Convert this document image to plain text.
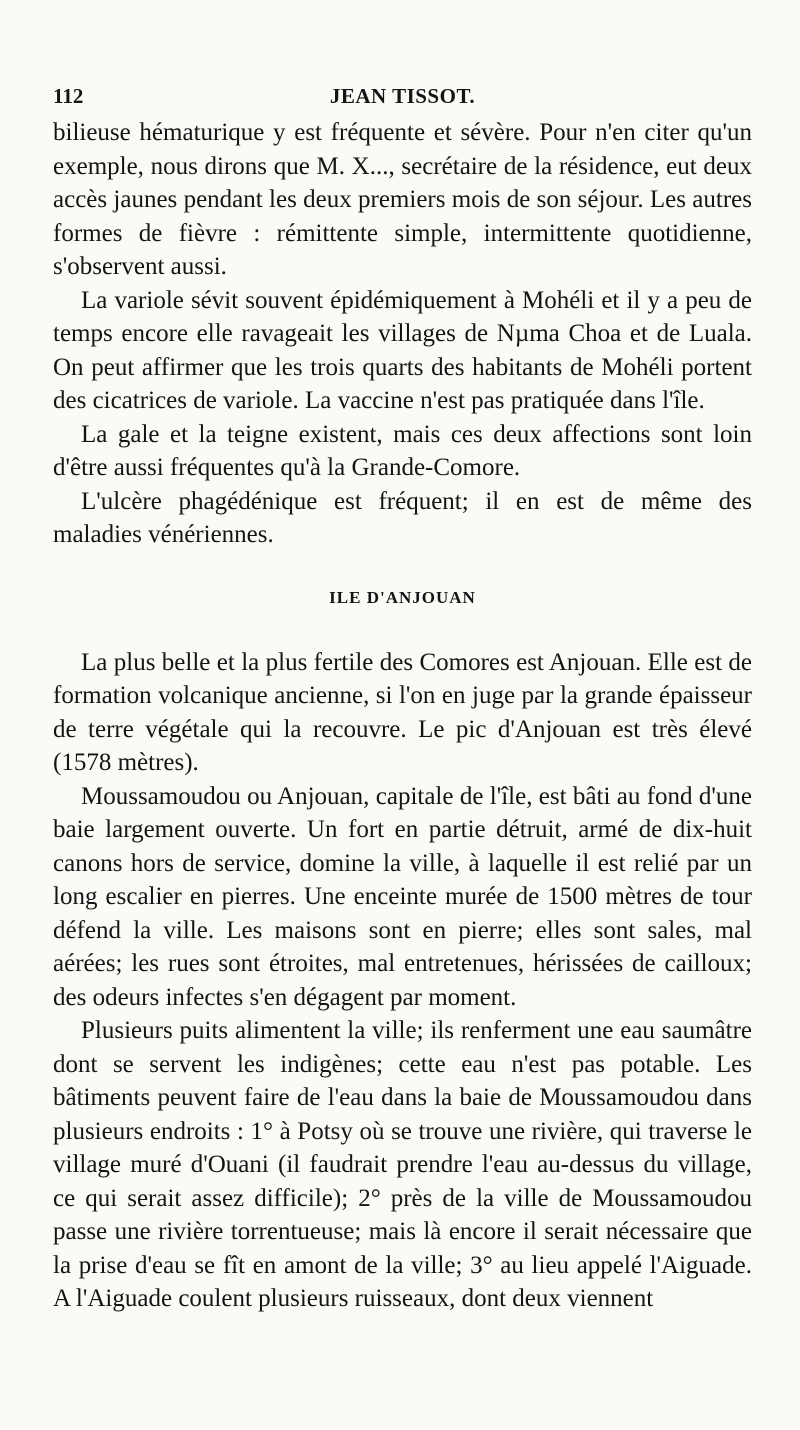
112	JEAN TISSOT.

bilieuse hématurique y est fréquente et sévère. Pour n'en citer qu'un exemple, nous dirons que M. X..., secrétaire de la résidence, eut deux accès jaunes pendant les deux premiers mois de son séjour. Les autres formes de fièvre : rémittente simple, intermittente quotidienne, s'observent aussi.

La variole sévit souvent épidémiquement à Mohéli et il y a peu de temps encore elle ravageait les villages de Nµma Choa et de Luala. On peut affirmer que les trois quarts des habitants de Mohéli portent des cicatrices de variole. La vaccine n'est pas pratiquée dans l'île.

La gale et la teigne existent, mais ces deux affections sont loin d'être aussi fréquentes qu'à la Grande-Comore.

L'ulcère phagédénique est fréquent; il en est de même des maladies vénériennes.

ILE D'ANJOUAN

La plus belle et la plus fertile des Comores est Anjouan. Elle est de formation volcanique ancienne, si l'on en juge par la grande épaisseur de terre végétale qui la recouvre. Le pic d'Anjouan est très élevé (1578 mètres).

Moussamoudou ou Anjouan, capitale de l'île, est bâti au fond d'une baie largement ouverte. Un fort en partie détruit, armé de dix-huit canons hors de service, domine la ville, à laquelle il est relié par un long escalier en pierres. Une enceinte murée de 1500 mètres de tour défend la ville. Les maisons sont en pierre; elles sont sales, mal aérées; les rues sont étroites, mal entretenues, hérissées de cailloux; des odeurs infectes s'en dégagent par moment.

Plusieurs puits alimentent la ville; ils renferment une eau saumâtre dont se servent les indigènes; cette eau n'est pas potable. Les bâtiments peuvent faire de l'eau dans la baie de Moussamoudou dans plusieurs endroits : 1° à Potsy où se trouve une rivière, qui traverse le village muré d'Ouani (il faudrait prendre l'eau au-dessus du village, ce qui serait assez difficile); 2° près de la ville de Moussamoudou passe une rivière torrentueuse; mais là encore il serait nécessaire que la prise d'eau se fît en amont de la ville; 3° au lieu appelé l'Aiguade. A l'Aiguade coulent plusieurs ruisseaux, dont deux viennent
